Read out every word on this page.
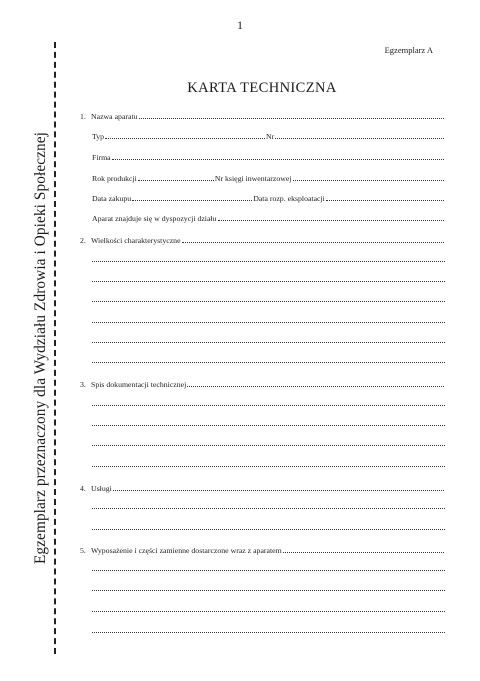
1
Egzemplarz A
Egzemplarz przeznaczony dla Wydziału Zdrowia i Opieki Społecznej
KARTA TECHNICZNA
1. Nazwa aparatu
Typ	Nr
Firma
Rok produkcji	Nr księgi inwentarzowej
Data zakupu	Data rozp. eksploatacji
Aparat znajduje się w dyspozycji działu
2. Wielkości charakterystyczne
3. Spis dokumentacji technicznej
4. Usługi
5. Wyposażenie i części zamienne dostarczone wraz z aparatem
